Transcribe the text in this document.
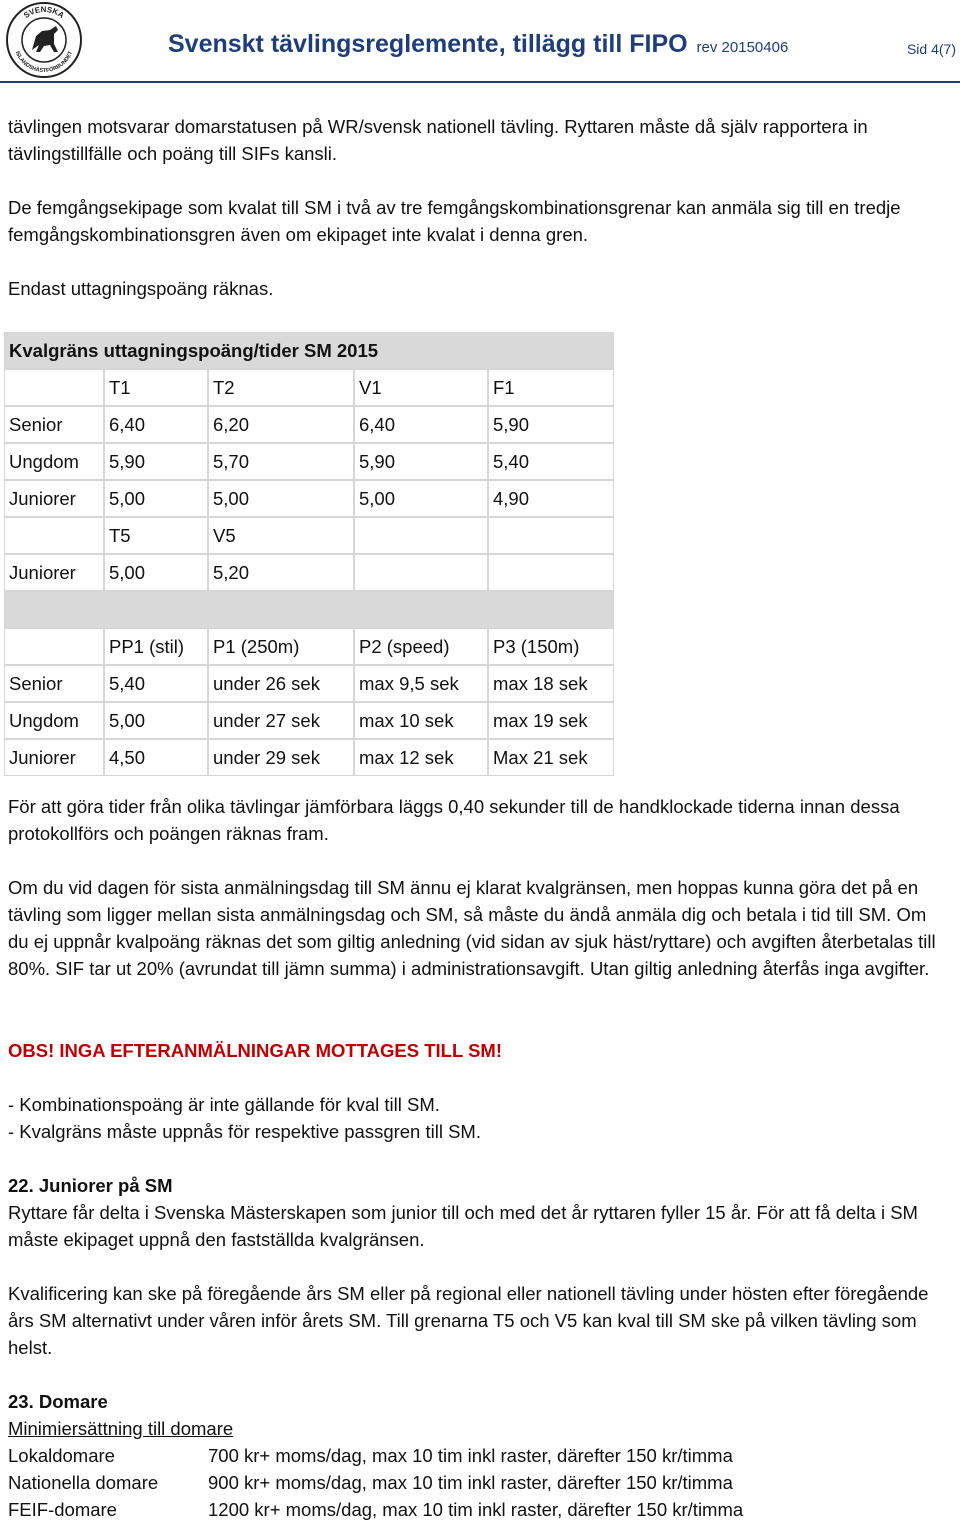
SVENSKA
ISLANDSHÄSTFÖRBUNDET	Svenskt tävlingsreglemente, tillägg till FIPO rev 20150406	Sid 4(7)

tävlingen motsvarar domarstatusen på WR/svensk nationell tävling. Ryttaren måste då själv rapportera in tävlingstillfälle och poäng till SIFs kansli.

De femgångsekipage som kvalat till SM i två av tre femgångskombinationsgrenar kan anmäla sig till en tredje femgångskombinationsgren även om ekipaget inte kvalat i denna gren.

Endast uttagningspoäng räknas.

Kvalgräns uttagningspoäng/tider SM 2015				
	T1	T2	V1	F1
Senior	6,40	6,20	6,40	5,90
Ungdom	5,90	5,70	5,90	5,40
Juniorer	5,00	5,00	5,00	4,90
	T5	V5		
Juniorer	5,00	5,20		

	PP1 (stil)	P1 (250m)	P2 (speed)	P3 (150m)
Senior	5,40	under 26 sek	max 9,5 sek	max 18 sek
Ungdom	5,00	under 27 sek	max 10 sek	max 19 sek
Juniorer	4,50	under 29 sek	max 12 sek	Max 21 sek

För att göra tider från olika tävlingar jämförbara läggs 0,40 sekunder till de handklockade tiderna innan dessa protokollförs och poängen räknas fram.

Om du vid dagen för sista anmälningsdag till SM ännu ej klarat kvalgränsen, men hoppas kunna göra det på en tävling som ligger mellan sista anmälningsdag och SM, så måste du ändå anmäla dig och betala i tid till SM. Om du ej uppnår kvalpoäng räknas det som giltig anledning (vid sidan av sjuk häst/ryttare) och avgiften återbetalas till 80%. SIF tar ut 20% (avrundat till jämn summa) i administrationsavgift. Utan giltig anledning återfås inga avgifter.

OBS! INGA EFTERANMÄLNINGAR MOTTAGES TILL SM!

- Kombinationspoäng är inte gällande för kval till SM.
- Kvalgräns måste uppnås för respektive passgren till SM.

22. Juniorer på SM

Ryttare får delta i Svenska Mästerskapen som junior till och med det år ryttaren fyller 15 år. För att få delta i SM måste ekipaget uppnå den fastställda kvalgränsen.

Kvalificering kan ske på föregående års SM eller på regional eller nationell tävling under hösten efter föregående års SM alternativt under våren inför årets SM. Till grenarna T5 och V5 kan kval till SM ske på vilken tävling som helst.

23. Domare

Minimiersättning till domare

Lokaldomare	700 kr+ moms/dag, max 10 tim inkl raster, därefter 150 kr/timma
Nationella domare	900 kr+ moms/dag, max 10 tim inkl raster, därefter 150 kr/timma
FEIF-domare	1200 kr+ moms/dag, max 10 tim inkl raster, därefter 150 kr/timma
